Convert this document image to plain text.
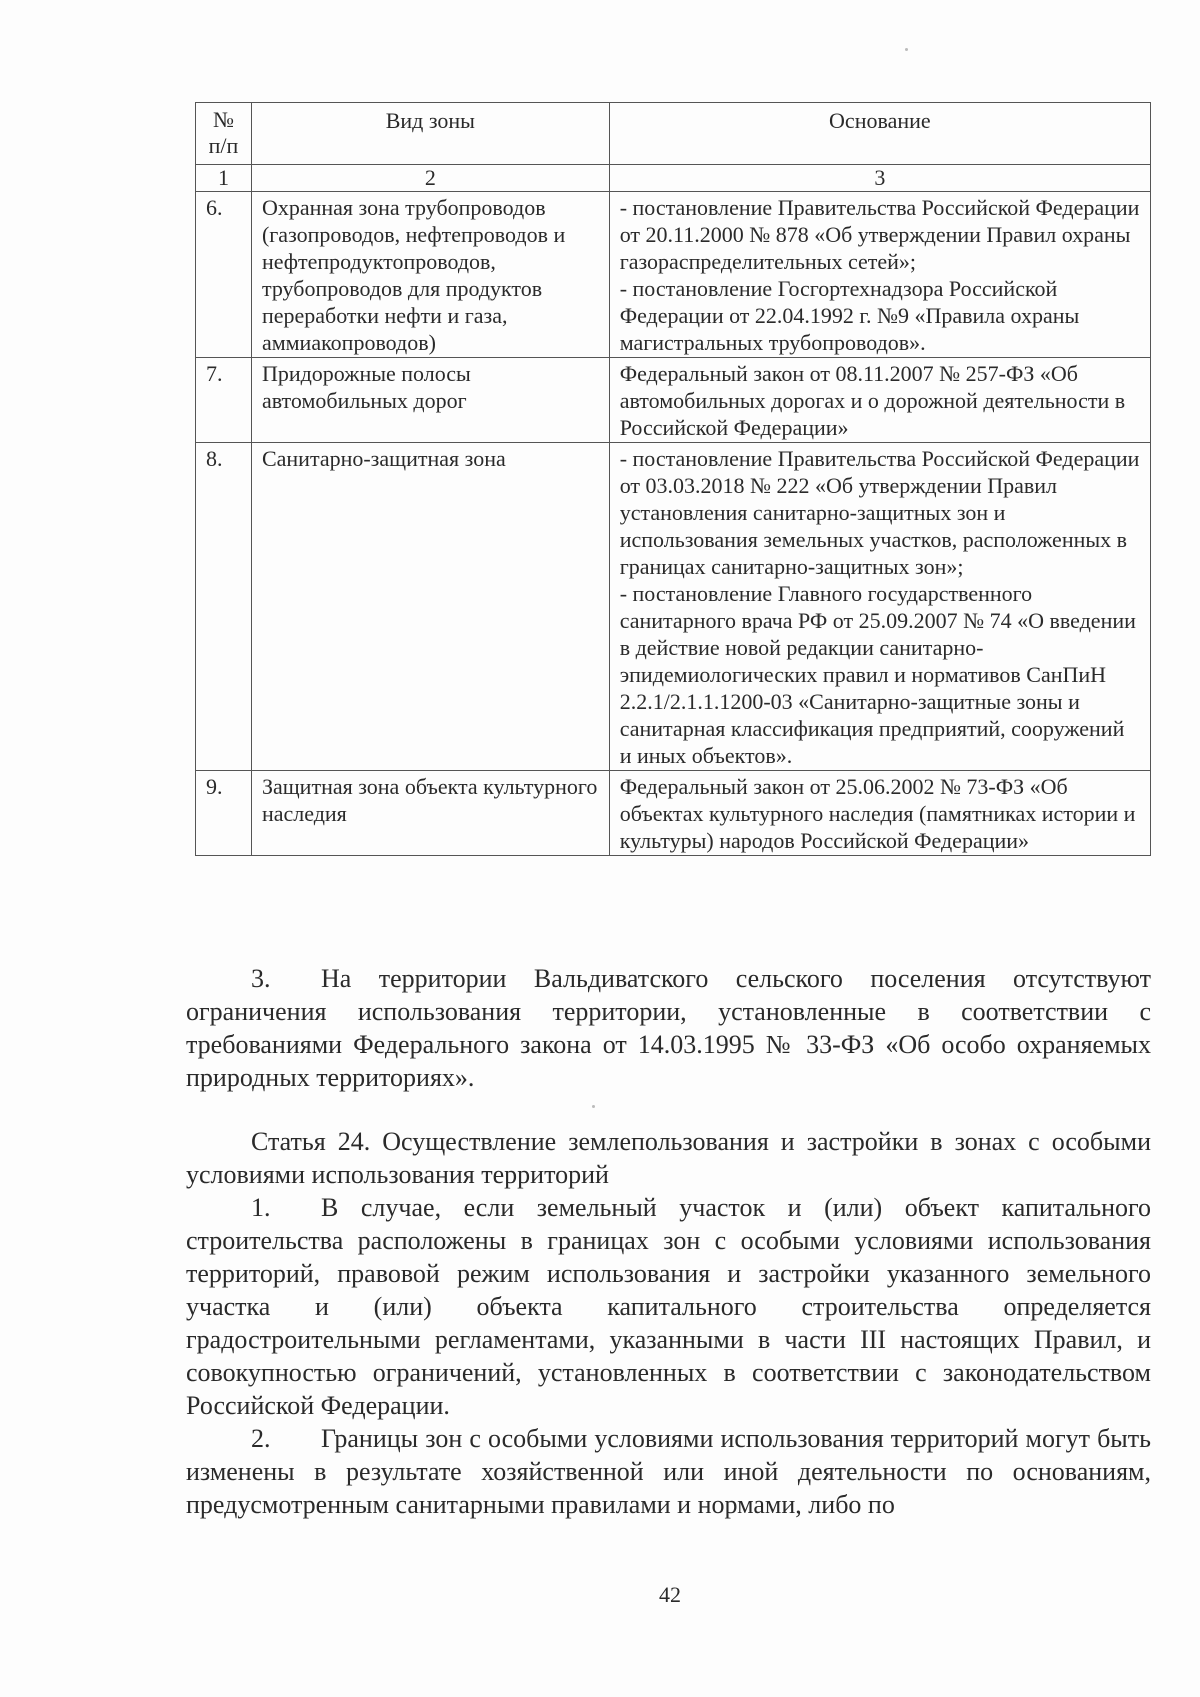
№ п/п	Вид зоны	Основание
1	2	3
6.	Охранная зона трубопроводов (газопроводов, нефтепроводов и нефтепродуктопроводов, трубопроводов для продуктов переработки нефти и газа, аммиакопроводов)	- постановление Правительства Российской Федерации от 20.11.2000 № 878 «Об утверждении Правил охраны газораспределительных сетей»;
- постановление Госгортехнадзора Российской Федерации от 22.04.1992 г. №9 «Правила охраны магистральных трубопроводов».

7.	Придорожные полосы автомобильных дорог	Федеральный закон от 08.11.2007 № 257-ФЗ «Об автомобильных дорогах и о дорожной деятельности в Российской Федерации»

8.	Санитарно-защитная зона	- постановление Правительства Российской Федерации от 03.03.2018 № 222 «Об утверждении Правил установления санитарно-защитных зон и использования земельных участков, расположенных в границах санитарно-защитных зон»;
- постановление Главного государственного санитарного врача РФ от 25.09.2007 № 74 «О введении в действие новой редакции санитарно-эпидемиологических правил и нормативов СанПиН 2.2.1/2.1.1.1200-03 «Санитарно-защитные зоны и санитарная классификация предприятий, сооружений и иных объектов».

9.	Защитная зона объекта культурного наследия	Федеральный закон от 25.06.2002 № 73-ФЗ «Об объектах культурного наследия (памятниках истории и культуры) народов Российской Федерации»

3. На территории Вальдиватского сельского поселения отсутствуют ограничения использования территории, установленные в соответствии с требованиями Федерального закона от 14.03.1995 № 33-ФЗ «Об особо охраняемых природных территориях».

Статья 24. Осуществление землепользования и застройки в зонах с особыми условиями использования территорий

1. В случае, если земельный участок и (или) объект капитального строительства расположены в границах зон с особыми условиями использования территорий, правовой режим использования и застройки указанного земельного участка и (или) объекта капитального строительства определяется градостроительными регламентами, указанными в части III настоящих Правил, и совокупностью ограничений, установленных в соответствии с законодательством Российской Федерации.

2. Границы зон с особыми условиями использования территорий могут быть изменены в результате хозяйственной или иной деятельности по основаниям, предусмотренным санитарными правилами и нормами, либо по

42
